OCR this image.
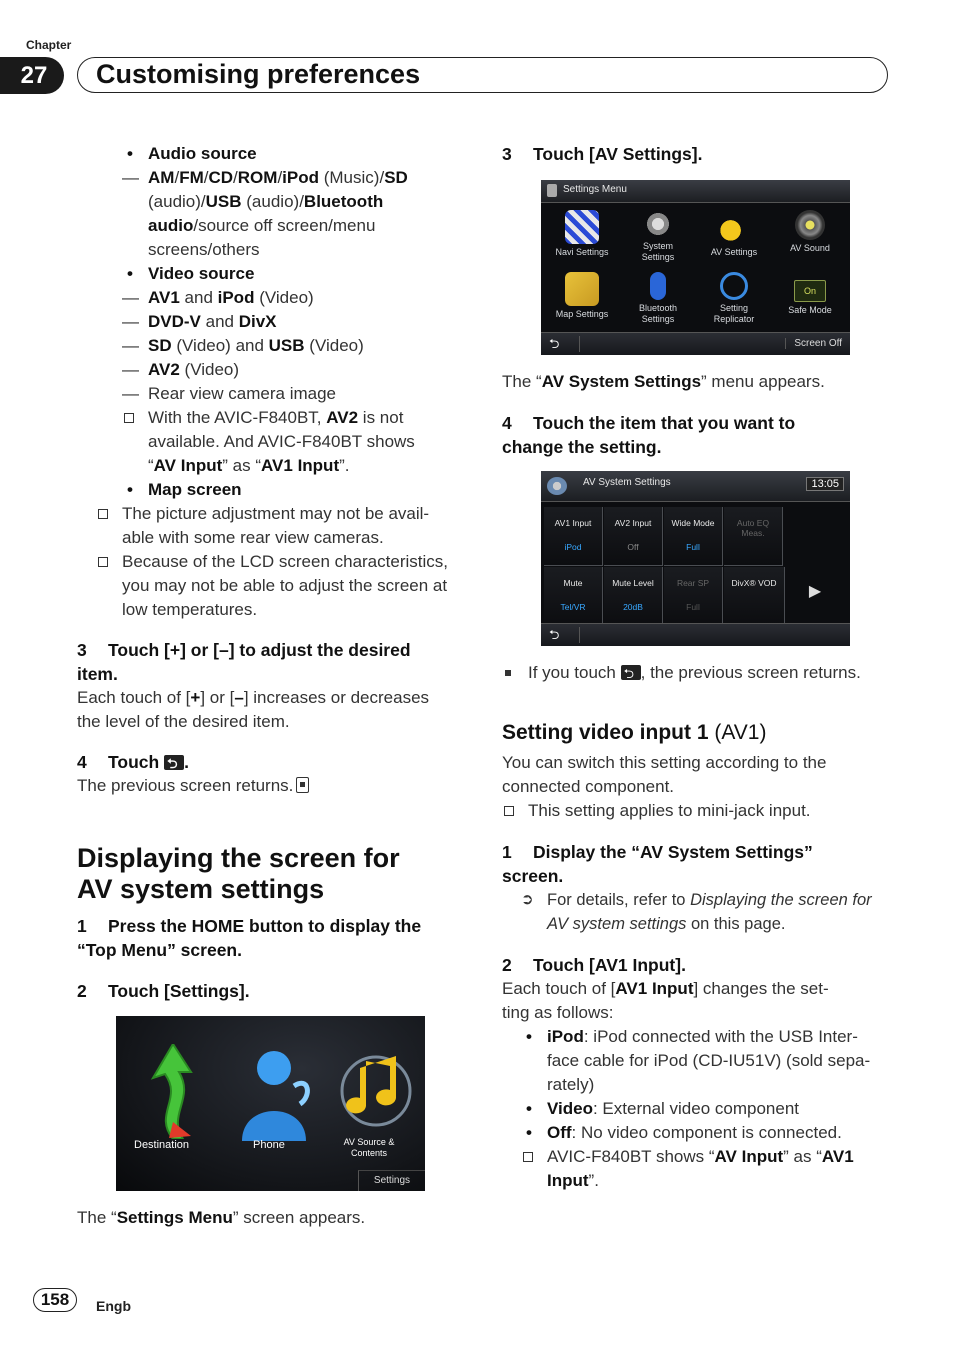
Chapter
27	Customising preferences

• Audio source

— AM/FM/CD/ROM/iPod (Music)/SD

(audio)/USB (audio)/Bluetooth

audio/source off screen/menu

screens/others

• Video source

— AV1 and iPod (Video)

— DVD-V and DivX

— SD (Video) and USB (Video)

— AV2 (Video)

— Rear view camera image

With the AVIC-F840BT, AV2 is not

available. And AVIC-F840BT shows

“AV Input” as “AV1 Input”.

• Map screen

The picture adjustment may not be avail-

able with some rear view cameras.

Because of the LCD screen characteristics,

you may not be able to adjust the screen at

low temperatures.

3 Touch [+] or [–] to adjust the desired

item.

Each touch of [+] or [–] increases or decreases

the level of the desired item.

4 Touch ⮌ .

The previous screen returns.

Displaying the screen for
AV system settings

1 Press the HOME button to display the

“Top Menu” screen.

2 Touch [Settings].

Destination	Phone	AV Source &
Contents
Settings

The “Settings Menu” screen appears.

3 Touch [AV Settings].

Settings Menu
Navi Settings
System
Settings	AV Settings	AV Sound
Map Settings
Bluetooth
Settings
Setting
Replicator
On
Safe Mode
⮌	Screen Off

The “AV System Settings” menu appears.

4 Touch the item that you want to

change the setting.

AV System Settings	13:05
AV1 Input
iPod
AV2 Input
Off
Wide Mode
Full
Auto EQ
Meas.
Mute
Tel/VR
Mute Level
20dB
Rear SP
Full
DivX® VOD	▶
⮌

If you touch ⮌, the previous screen returns.

Setting video input 1 (AV1)

You can switch this setting according to the

connected component.

This setting applies to mini-jack input.

1 Display the “AV System Settings”

screen.

➲ For details, refer to Displaying the screen for

AV system settings on this page.

2 Touch [AV1 Input].

Each touch of [AV1 Input] changes the set-

ting as follows:

• iPod: iPod connected with the USB Inter-

face cable for iPod (CD-IU51V) (sold sepa-

rately)

• Video: External video component

• Off: No video component is connected.

AVIC-F840BT shows “AV Input” as “AV1

Input”.

158	Engb
